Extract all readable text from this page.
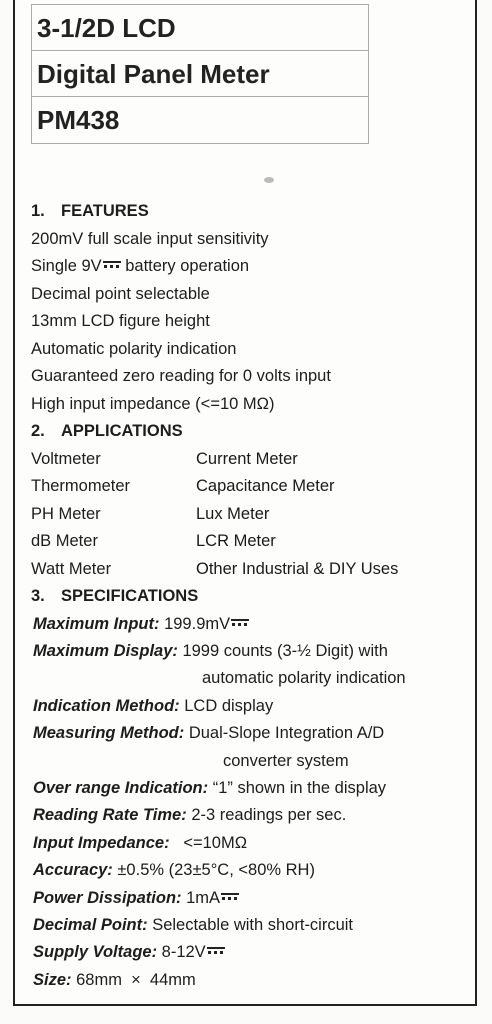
3-1/2D LCD
Digital Panel Meter
PM438
1. FEATURES
200mV full scale input sensitivity
Single 9V battery operation
Decimal point selectable
13mm LCD figure height
Automatic polarity indication
Guaranteed zero reading for 0 volts input
High input impedance (<=10 MΩ)
2. APPLICATIONS
Voltmeter	Current Meter
Thermometer	Capacitance Meter
PH Meter	Lux Meter
dB Meter	LCR Meter
Watt Meter	Other Industrial & DIY Uses
3. SPECIFICATIONS
Maximum Input: 199.9mV
Maximum Display: 1999 counts (3-½ Digit) with
automatic polarity indication
Indication Method: LCD display
Measuring Method: Dual-Slope Integration A/D
converter system
Over range Indication: “1” shown in the display
Reading Rate Time: 2-3 readings per sec.
Input Impedance:   <=10MΩ
Accuracy: ±0.5% (23±5°C, <80% RH)
Power Dissipation: 1mA
Decimal Point: Selectable with short-circuit
Supply Voltage: 8-12V
Size: 68mm  ×  44mm
